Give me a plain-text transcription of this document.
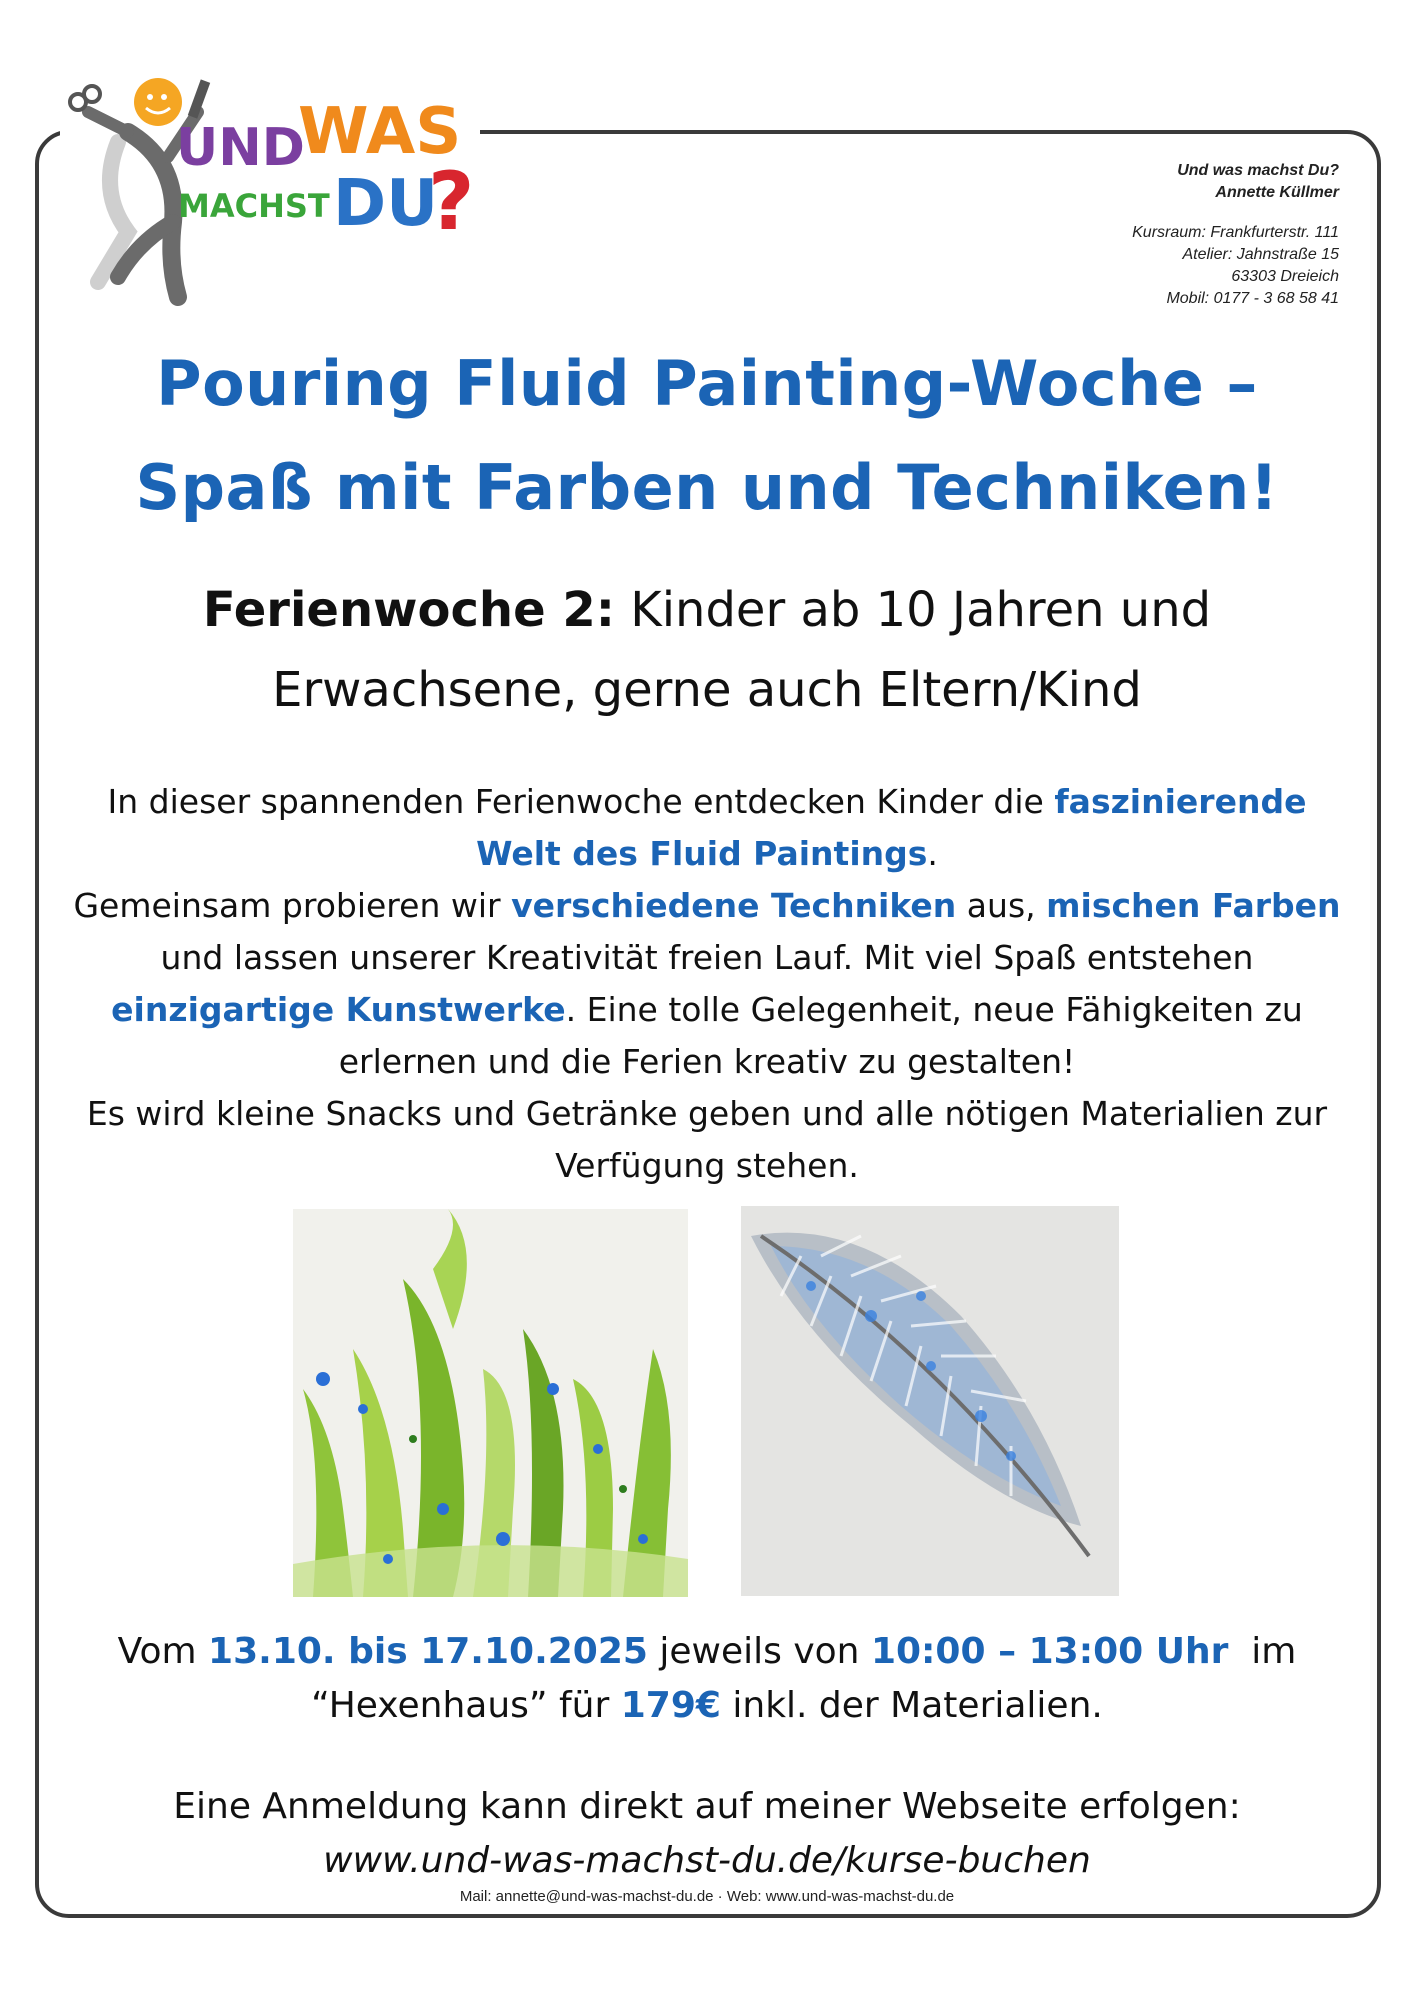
UND
WAS
MACHST DU
?	Und was machst Du?
Annette Küllmer
Kursraum: Frankfurterstr. 111
Atelier: Jahnstraße 15
63303 Dreieich
Mobil: 0177 - 3 68 58 41
Pouring Fluid Painting-Woche –
Spaß mit Farben und Techniken!
Ferienwoche 2: Kinder ab 10 Jahren und
Erwachsene, gerne auch Eltern/Kind
In dieser spannenden Ferienwoche entdecken Kinder die faszinierende Welt des Fluid Paintings.
Gemeinsam probieren wir verschiedene Techniken aus, mischen Farben und lassen unserer Kreativität freien Lauf. Mit viel Spaß entstehen einzigartige Kunstwerke. Eine tolle Gelegenheit, neue Fähigkeiten zu erlernen und die Ferien kreativ zu gestalten!
Es wird kleine Snacks und Getränke geben und alle nötigen Materialien zur Verfügung stehen.
Vom 13.10. bis 17.10.2025 jeweils von 10:00 – 13:00 Uhr  im
“Hexenhaus” für 179€ inkl. der Materialien.
Eine Anmeldung kann direkt auf meiner Webseite erfolgen:
www.und-was-machst-du.de/kurse-buchen
Mail: annette@und-was-machst-du.de · Web: www.und-was-machst-du.de
